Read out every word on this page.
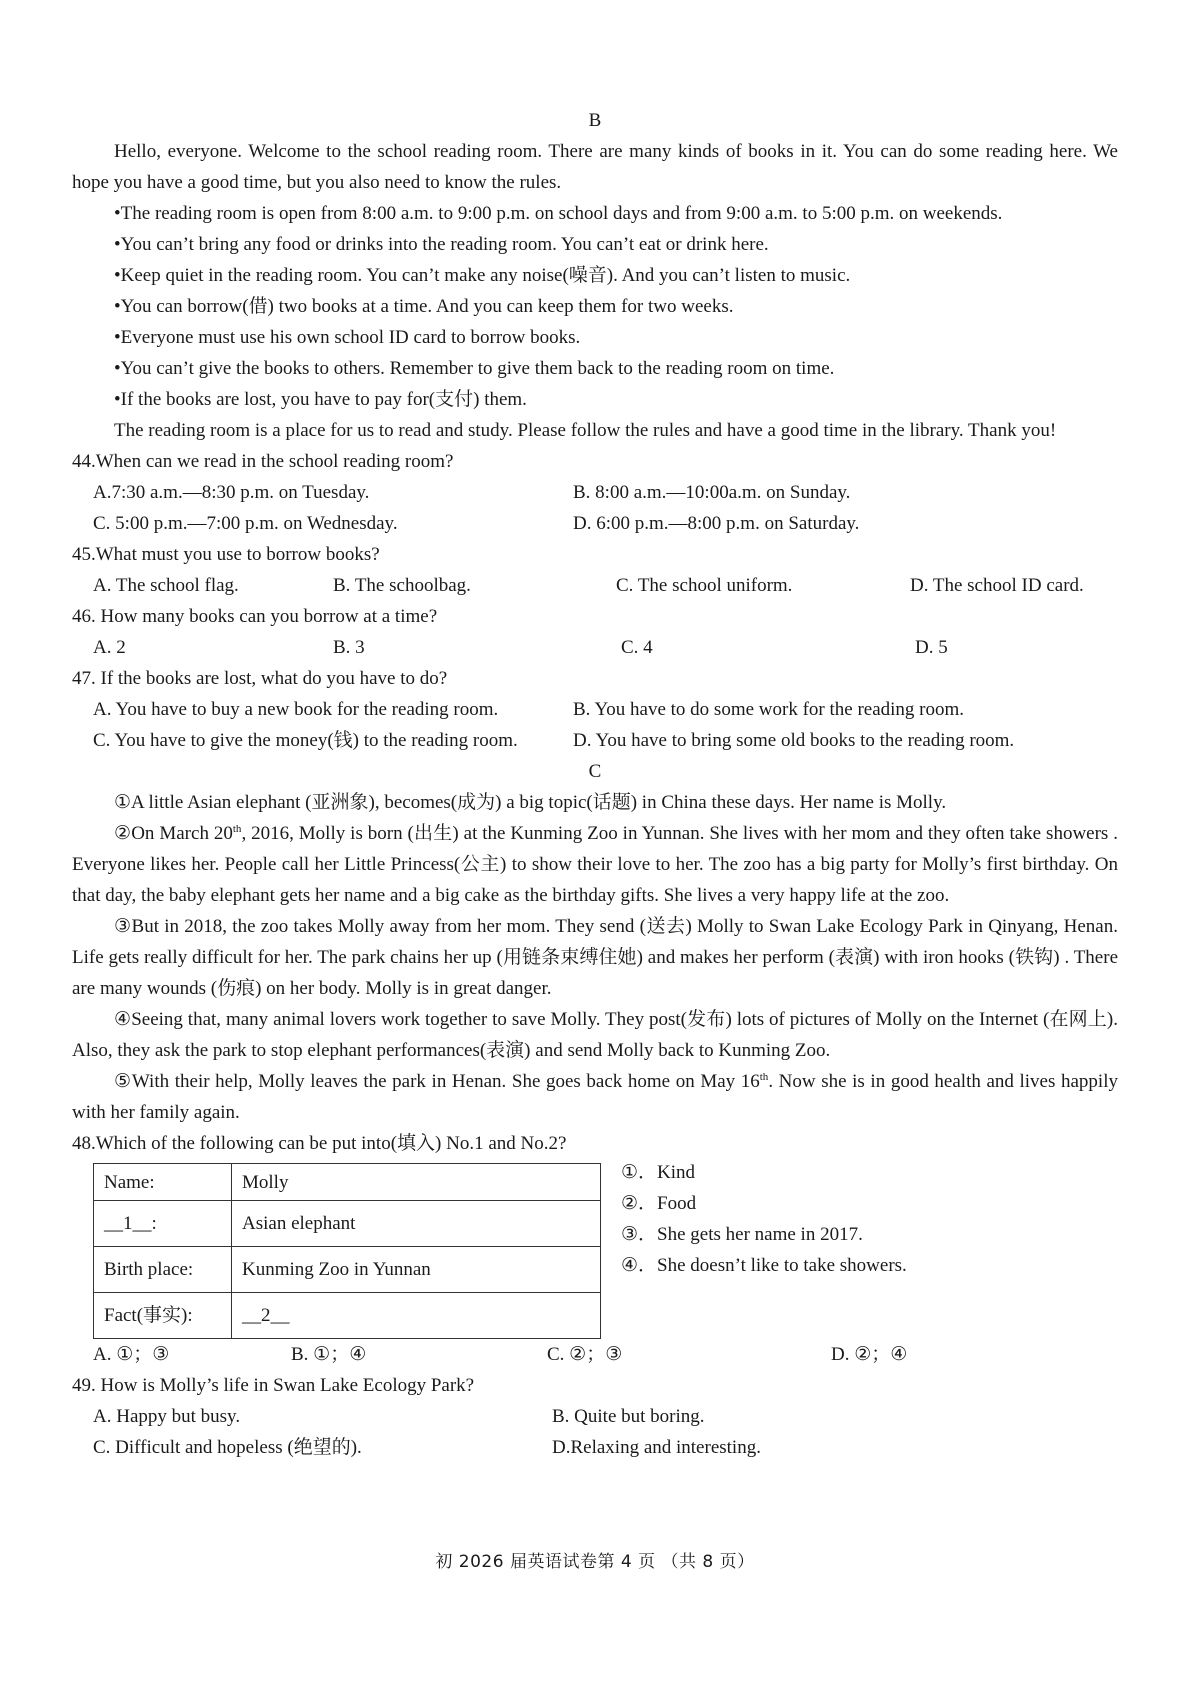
B
Hello, everyone. Welcome to the school reading room. There are many kinds of books in it. You can do some reading here. We hope you have a good time, but you also need to know the rules.
•The reading room is open from 8:00 a.m. to 9:00 p.m. on school days and from 9:00 a.m. to 5:00 p.m. on weekends.
•You can’t bring any food or drinks into the reading room. You can’t eat or drink here.
•Keep quiet in the reading room. You can’t make any noise(噪音). And you can’t listen to music.
•You can borrow(借) two books at a time. And you can keep them for two weeks.
•Everyone must use his own school ID card to borrow books.
•You can’t give the books to others. Remember to give them back to the reading room on time.
•If the books are lost, you have to pay for(支付) them.
The reading room is a place for us to read and study. Please follow the rules and have a good time in the library. Thank you!
44.When can we read in the school reading room?
A.7:30 a.m.—8:30 p.m. on Tuesday.	B. 8:00 a.m.—10:00a.m. on Sunday.
C. 5:00 p.m.—7:00 p.m. on Wednesday.	D. 6:00 p.m.—8:00 p.m. on Saturday.
45.What must you use to borrow books?
A. The school flag.	B. The schoolbag.	C. The school uniform.	D. The school ID card.
46. How many books can you borrow at a time?
A. 2	B. 3	C. 4	D. 5
47. If the books are lost, what do you have to do?
A. You have to buy a new book for the reading room.	B. You have to do some work for the reading room.
C. You have to give the money(钱) to the reading room.	D. You have to bring some old books to the reading room.
C
①A little Asian elephant (亚洲象), becomes(成为) a big topic(话题) in China these days. Her name is Molly.
②On March 20th, 2016, Molly is born (出生) at the Kunming Zoo in Yunnan. She lives with her mom and they often take showers . Everyone likes her. People call her Little Princess(公主) to show their love to her. The zoo has a big party for Molly’s first birthday. On that day, the baby elephant gets her name and a big cake as the birthday gifts. She lives a very happy life at the zoo.
③But in 2018, the zoo takes Molly away from her mom. They send (送去) Molly to Swan Lake Ecology Park in Qinyang, Henan. Life gets really difficult for her. The park chains her up (用链条束缚住她) and makes her perform (表演) with iron hooks (铁钩) . There are many wounds (伤痕) on her body. Molly is in great danger.
④Seeing that, many animal lovers work together to save Molly. They post(发布) lots of pictures of Molly on the Internet (在网上). Also, they ask the park to stop elephant performances(表演) and send Molly back to Kunming Zoo.
⑤With their help, Molly leaves the park in Henan. She goes back home on May 16th. Now she is in good health and lives happily with her family again.
48.Which of the following can be put into(填入) No.1 and No.2?
Name:	Molly
__1__:	Asian elephant
Birth place:	Kunming Zoo in Yunnan
Fact(事实):	__2__
①．Kind
②．Food
③．She gets her name in 2017.
④．She doesn’t like to take showers.
A. ①；③	B. ①；④	C. ②；③	D. ②；④
49. How is Molly’s life in Swan Lake Ecology Park?
A. Happy but busy.	B. Quite but boring.
C. Difficult and hopeless (绝望的).	D.Relaxing and interesting.
初 2026 届英语试卷第 4 页 （共 8 页）
